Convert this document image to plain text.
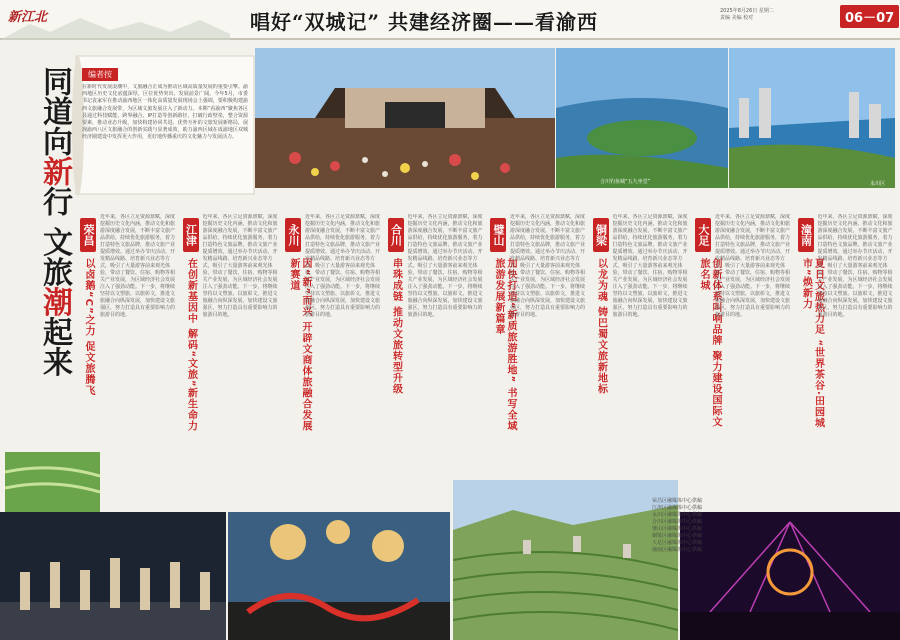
新江北	唱好“双城记” 共建经济圈——看渝西	2025年8月26日 星期二
责编 美编 校对	06－07
同道向新行 文旅潮起来
编者按
在新时代发展浪潮中，文旅融合正成为推动区域高质量发展的重要引擎。渝西地区历史文化底蕴深厚，区位优势突出，发展前景广阔。今年5月，市委书记袁家军在推动渝西地区一体化高质量发展现场会上强调，要积极构建渝西文旅融合发展带，为区域文旅发展注入了新动力。本期“看渝西”聚焦各区县通过科技赋能、跨界融合、IP打造等创新路径，打破行政壁垒，整合资源要素，推动业态升级，加快构建协同共进、优势互补的文旅发展新格局，展现渝西八区文旅融合的创新实践与显著成效，助力渝西区域在成渝地区双城经济圈建设中发挥更大作用，更好地传播重庆的文化魅力与发展活力。
合川钓鱼城“五九坐堂”	永川区
荣昌
以卤鹅“C”之力 促文旅腾飞
近年来，各区立足资源禀赋，深度挖掘历史文化内涵，推动文化和旅游深度融合发展，不断丰富文旅产品供给，持续优化旅游服务，着力打造特色文旅品牌，推动文旅产业提质增效。通过举办节庆活动、开发精品线路、培育新兴业态等方式，吸引了大量游客前来观光体验，带动了餐饮、住宿、购物等相关产业发展，为区域经济社会发展注入了强劲动能。下一步，将继续坚持以文塑旅、以旅彰文，推进文旅融合向纵深发展，加快建设文旅强区，努力打造具有重要影响力的旅游目的地。
江津
在创新基因中 解码“文旅”新生命力
近年来，各区立足资源禀赋，深度挖掘历史文化内涵，推动文化和旅游深度融合发展，不断丰富文旅产品供给，持续优化旅游服务，着力打造特色文旅品牌，推动文旅产业提质增效。通过举办节庆活动、开发精品线路、培育新兴业态等方式，吸引了大量游客前来观光体验，带动了餐饮、住宿、购物等相关产业发展，为区域经济社会发展注入了强劲动能。下一步，将继续坚持以文塑旅、以旅彰文，推进文旅融合向纵深发展，加快建设文旅强区，努力打造具有重要影响力的旅游目的地。
永川
因“新”而兴 开辟文商体旅融合发展新赛道
近年来，各区立足资源禀赋，深度挖掘历史文化内涵，推动文化和旅游深度融合发展，不断丰富文旅产品供给，持续优化旅游服务，着力打造特色文旅品牌，推动文旅产业提质增效。通过举办节庆活动、开发精品线路、培育新兴业态等方式，吸引了大量游客前来观光体验，带动了餐饮、住宿、购物等相关产业发展，为区域经济社会发展注入了强劲动能。下一步，将继续坚持以文塑旅、以旅彰文，推进文旅融合向纵深发展，加快建设文旅强区，努力打造具有重要影响力的旅游目的地。
合川
串珠成链 推动文旅转型升级
近年来，各区立足资源禀赋，深度挖掘历史文化内涵，推动文化和旅游深度融合发展，不断丰富文旅产品供给，持续优化旅游服务，着力打造特色文旅品牌，推动文旅产业提质增效。通过举办节庆活动、开发精品线路、培育新兴业态等方式，吸引了大量游客前来观光体验，带动了餐饮、住宿、购物等相关产业发展，为区域经济社会发展注入了强劲动能。下一步，将继续坚持以文塑旅、以旅彰文，推进文旅融合向纵深发展，加快建设文旅强区，努力打造具有重要影响力的旅游目的地。
璧山
加快打造“新质旅游胜地” 书写全域旅游发展新篇章
近年来，各区立足资源禀赋，深度挖掘历史文化内涵，推动文化和旅游深度融合发展，不断丰富文旅产品供给，持续优化旅游服务，着力打造特色文旅品牌，推动文旅产业提质增效。通过举办节庆活动、开发精品线路、培育新兴业态等方式，吸引了大量游客前来观光体验，带动了餐饮、住宿、购物等相关产业发展，为区域经济社会发展注入了强劲动能。下一步，将继续坚持以文塑旅、以旅彰文，推进文旅融合向纵深发展，加快建设文旅强区，努力打造具有重要影响力的旅游目的地。
铜梁
以龙为魂 铸巴蜀文旅新地标
近年来，各区立足资源禀赋，深度挖掘历史文化内涵，推动文化和旅游深度融合发展，不断丰富文旅产品供给，持续优化旅游服务，着力打造特色文旅品牌，推动文旅产业提质增效。通过举办节庆活动、开发精品线路、培育新兴业态等方式，吸引了大量游客前来观光体验，带动了餐饮、住宿、购物等相关产业发展，为区域经济社会发展注入了强劲动能。下一步，将继续坚持以文塑旅、以旅彰文，推进文旅融合向纵深发展，加快建设文旅强区，努力打造具有重要影响力的旅游目的地。
大足
创新体系叫响品牌 聚力建设国际文旅名城
近年来，各区立足资源禀赋，深度挖掘历史文化内涵，推动文化和旅游深度融合发展，不断丰富文旅产品供给，持续优化旅游服务，着力打造特色文旅品牌，推动文旅产业提质增效。通过举办节庆活动、开发精品线路、培育新兴业态等方式，吸引了大量游客前来观光体验，带动了餐饮、住宿、购物等相关产业发展，为区域经济社会发展注入了强劲动能。下一步，将继续坚持以文塑旅、以旅彰文，推进文旅融合向纵深发展，加快建设文旅强区，努力打造具有重要影响力的旅游目的地。
潼南
夏日文旅热力足 “世界茶谷·田园城市”焕新力
近年来，各区立足资源禀赋，深度挖掘历史文化内涵，推动文化和旅游深度融合发展，不断丰富文旅产品供给，持续优化旅游服务，着力打造特色文旅品牌，推动文旅产业提质增效。通过举办节庆活动、开发精品线路、培育新兴业态等方式，吸引了大量游客前来观光体验，带动了餐饮、住宿、购物等相关产业发展，为区域经济社会发展注入了强劲动能。下一步，将继续坚持以文塑旅、以旅彰文，推进文旅融合向纵深发展，加快建设文旅强区，努力打造具有重要影响力的旅游目的地。
荣昌区融媒体中心供稿
江津区融媒体中心供稿
永川区融媒体中心供稿
合川区融媒体中心供稿
璧山区融媒体中心供稿
铜梁区融媒体中心供稿
大足区融媒体中心供稿
潼南区融媒体中心供稿
